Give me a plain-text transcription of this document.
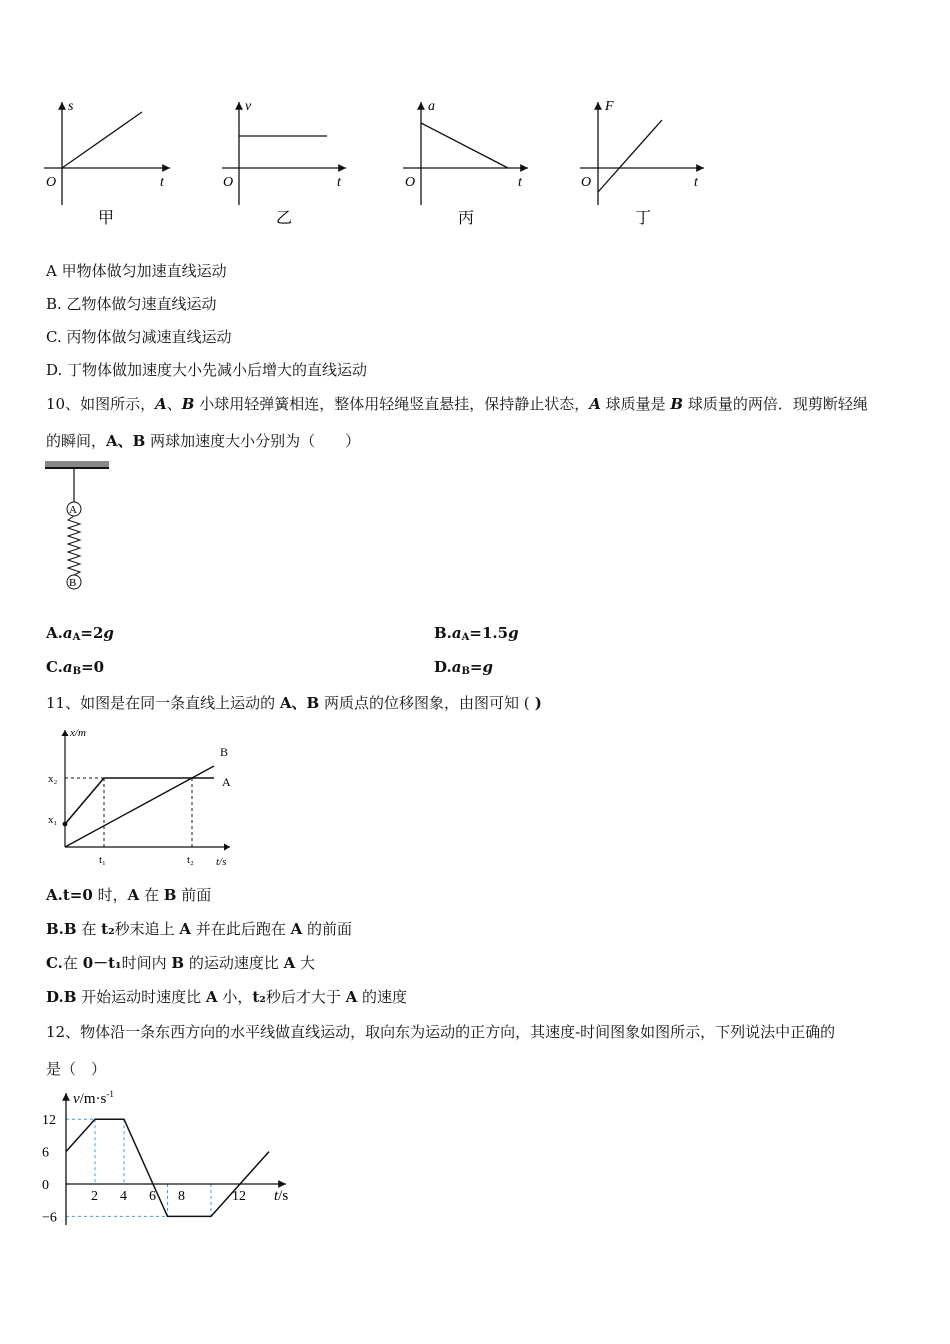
s
t
O
甲
v
t
O
乙
a
t
O
丙
F
t
O
丁
A 甲物体做匀加速直线运动
B. 乙物体做匀速直线运动
C. 丙物体做匀减速直线运动
D. 丁物体做加速度大小先减小后增大的直线运动
10、如图所示，A、B 小球用轻弹簧相连，整体用轻绳竖直悬挂，保持静止状态，A 球质量是 B 球质量的两倍．现剪断轻绳
的瞬间，A、B 两球加速度大小分别为（　　）
A
B
$A.a_A=2g$	$B.a_A=1.5g$
$C.a_B=0$	$D.a_B=g$
11、如图是在同一条直线上运动的 A、B 两质点的位移图象，由图可知 ( )
x/m
t/s
x₂
x₁
t₁	t₂
B
A
A.t=0 时，A 在 B 前面
B.B 在 t₂秒末追上 A 并在此后跑在 A 的前面
C.在 0－t₁时间内 B 的运动速度比 A 大
D.B 开始运动时速度比 A 小，t₂秒后才大于 A 的速度
12、物体沿一条东西方向的水平线做直线运动，取向东为运动的正方向，其速度-时间图象如图所示，下列说法中正确的
是（　）
2 4 6 8	12
12
6
0
−6
$v/m\cdot s^{-1}$
t/s
